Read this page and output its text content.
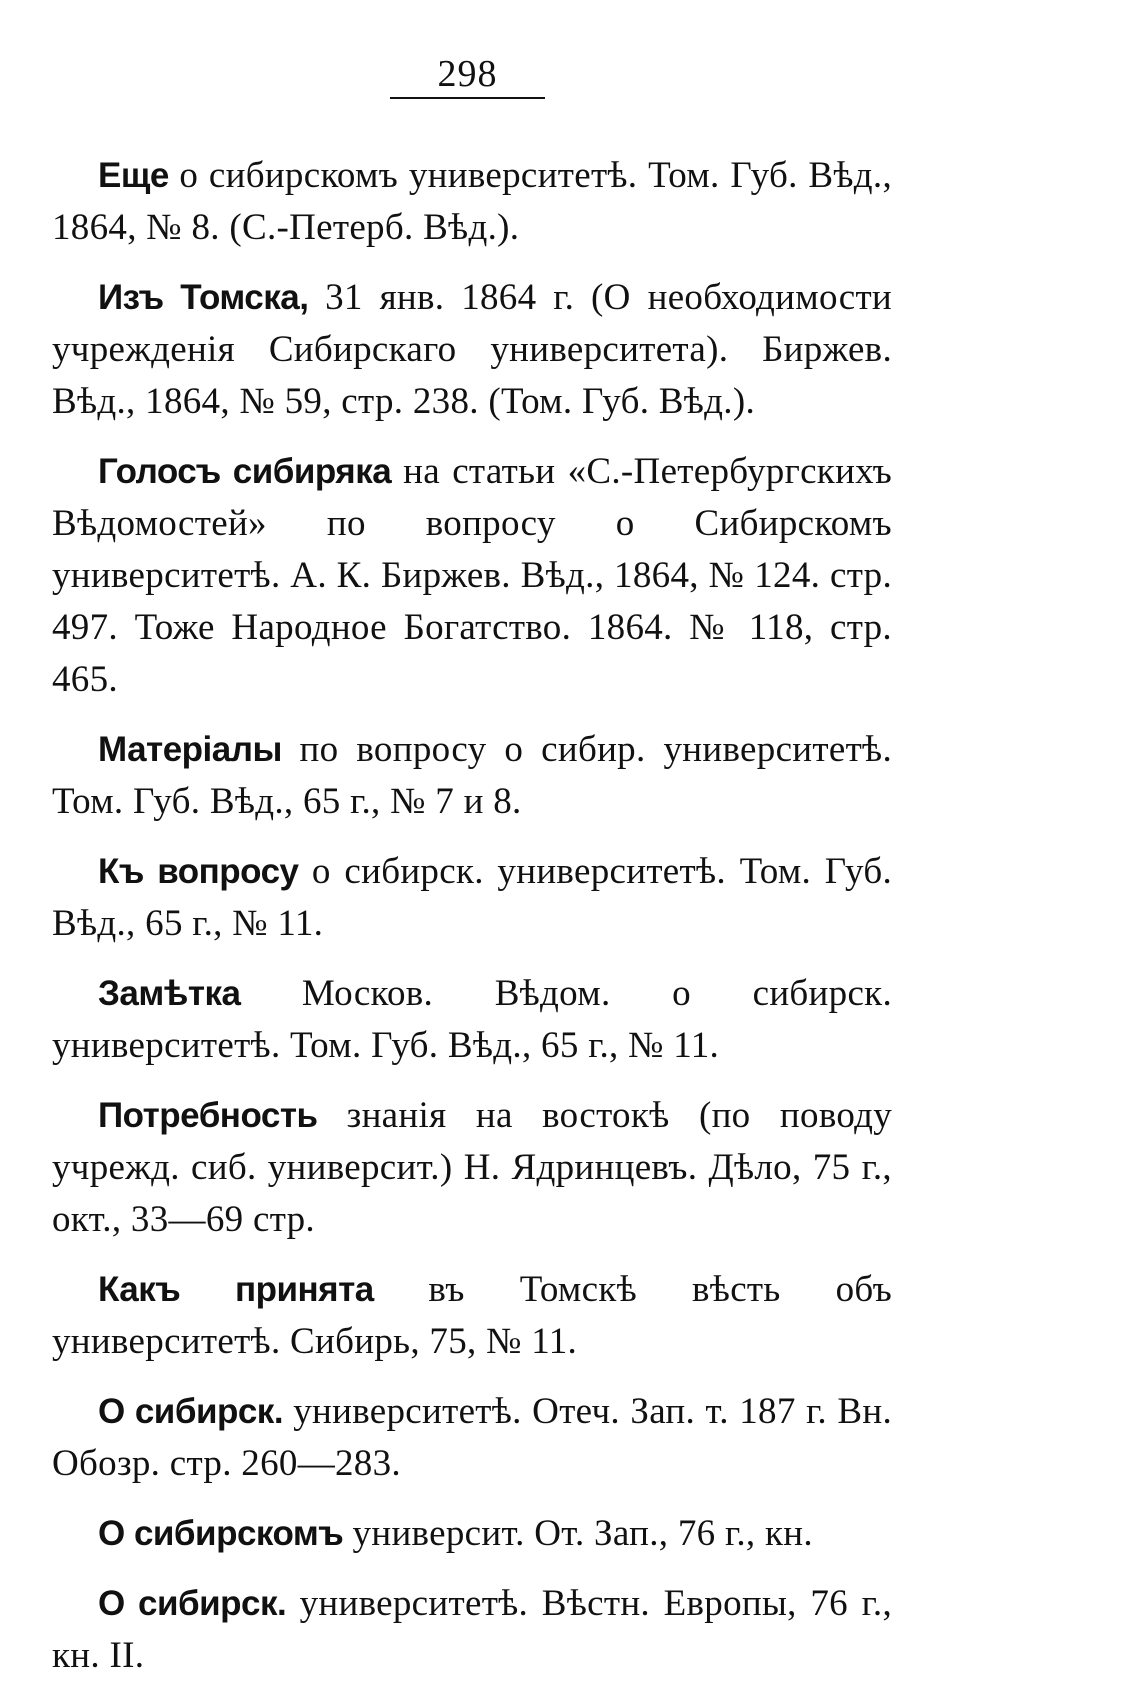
298

Еще о сибирскомъ университетѣ. Том. Губ. Вѣд., 1864, № 8. (С.-Петерб. Вѣд.).

Изъ Томска, 31 янв. 1864 г. (О необходимости учрежденія Сибирскаго университета). Биржев. Вѣд., 1864, № 59, стр. 238. (Том. Губ. Вѣд.).

Голосъ сибиряка на статьи «С.-Петербургскихъ Вѣдомостей» по вопросу о Сибирскомъ университетѣ. А. К. Биржев. Вѣд., 1864, № 124. стр. 497. Тоже Народное Богатство. 1864. № 118, стр. 465.

Матеріалы по вопросу о сибир. университетѣ. Том. Губ. Вѣд., 65 г., № 7 и 8.

Къ вопросу о сибирск. университетѣ. Том. Губ. Вѣд., 65 г., № 11.

Замѣтка Москов. Вѣдом. о сибирск. университетѣ. Том. Губ. Вѣд., 65 г., № 11.

Потребность знанія на востокѣ (по поводу учрежд. сиб. университ.) Н. Ядринцевъ. Дѣло, 75 г., окт., 33—69 стр.

Какъ принята въ Томскѣ вѣсть объ университетѣ. Сибирь, 75, № 11.

О сибирск. университетѣ. Отеч. Зап. т. 187 г. Вн. Обозр. стр. 260—283.

О сибирскомъ университ. От. Зап., 76 г., кн.

О сибирск. университетѣ. Вѣстн. Европы, 76 г., кн. II.
